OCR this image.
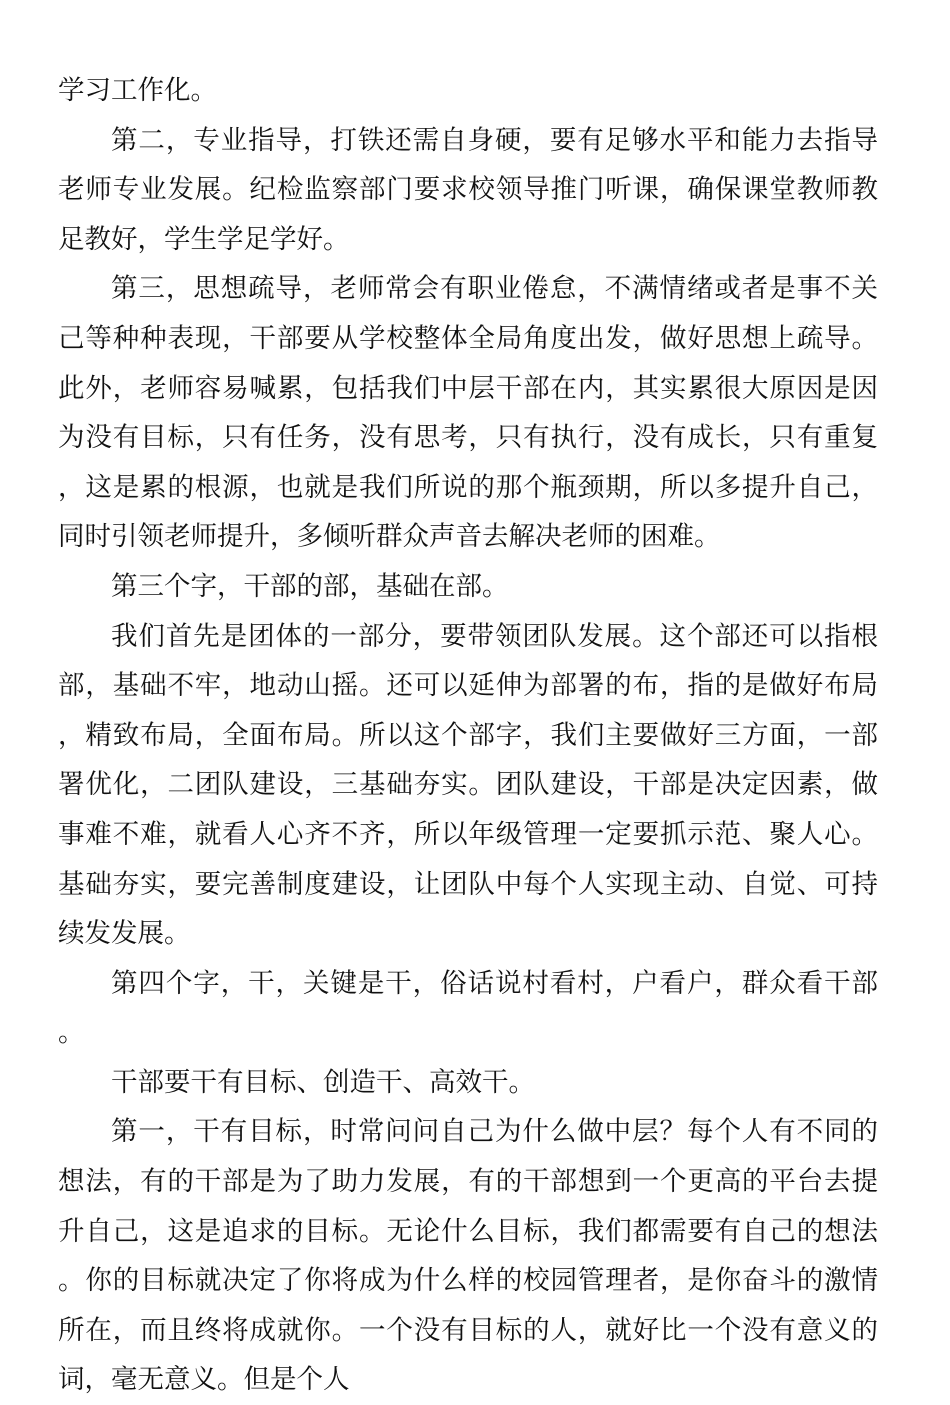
学习工作化。

第二，专业指导，打铁还需自身硬，要有足够水平和能力去指导老师专业发展。纪检监察部门要求校领导推门听课，确保课堂教师教足教好，学生学足学好。

第三，思想疏导，老师常会有职业倦怠，不满情绪或者是事不关己等种种表现，干部要从学校整体全局角度出发，做好思想上疏导。此外，老师容易喊累，包括我们中层干部在内，其实累很大原因是因为没有目标，只有任务，没有思考，只有执行，没有成长，只有重复，这是累的根源，也就是我们所说的那个瓶颈期，所以多提升自己，同时引领老师提升，多倾听群众声音去解决老师的困难。

第三个字，干部的部，基础在部。

我们首先是团体的一部分，要带领团队发展。这个部还可以指根部，基础不牢，地动山摇。还可以延伸为部署的布，指的是做好布局，精致布局，全面布局。所以这个部字，我们主要做好三方面，一部署优化，二团队建设，三基础夯实。团队建设，干部是决定因素，做事难不难，就看人心齐不齐，所以年级管理一定要抓示范、聚人心。基础夯实，要完善制度建设，让团队中每个人实现主动、自觉、可持续发发展。

第四个字，干，关键是干，俗话说村看村，户看户，群众看干部。

干部要干有目标、创造干、高效干。

第一，干有目标，时常问问自己为什么做中层？每个人有不同的想法，有的干部是为了助力发展，有的干部想到一个更高的平台去提升自己，这是追求的目标。无论什么目标，我们都需要有自己的想法。你的目标就决定了你将成为什么样的校园管理者，是你奋斗的激情所在，而且终将成就你。一个没有目标的人，就好比一个没有意义的词，毫无意义。但是个人
